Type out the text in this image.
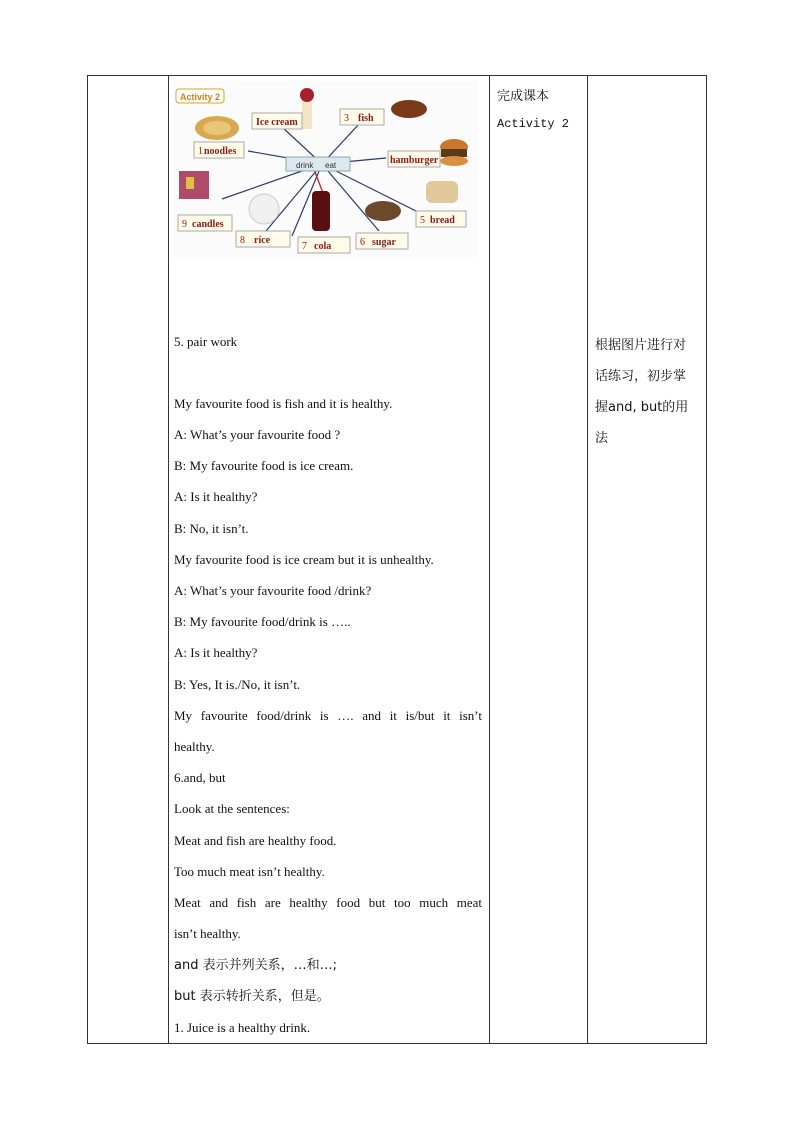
drink eat
Activity 2
1 noodles
Ice cream	3 fish
hamburger
5 bread
6 sugar
7 cola
8 rice
9 candles
5. pair work
My favourite food is fish and it is healthy.
A: What’s your favourite food ?
B: My favourite food is ice cream.
A: Is it healthy?
B: No, it isn’t.
My favourite food is ice cream but it is unhealthy.
A: What’s your favourite food /drink?
B: My favourite food/drink is …..
A: Is it healthy?
B: Yes, It is./No, it isn’t.
My favourite food/drink is …. and it is/but it isn’t
healthy.
6.and, but
Look at the sentences:
Meat and fish are healthy food.
Too much meat isn’t healthy.
Meat and fish are healthy food but too much meat
isn’t healthy.
and 表示并列关系，…和…;
but 表示转折关系，但是。
1. Juice is a healthy drink.
完成课本
Activity 2
根据图片进行对
话练习，初步掌
握and, but的用
法
